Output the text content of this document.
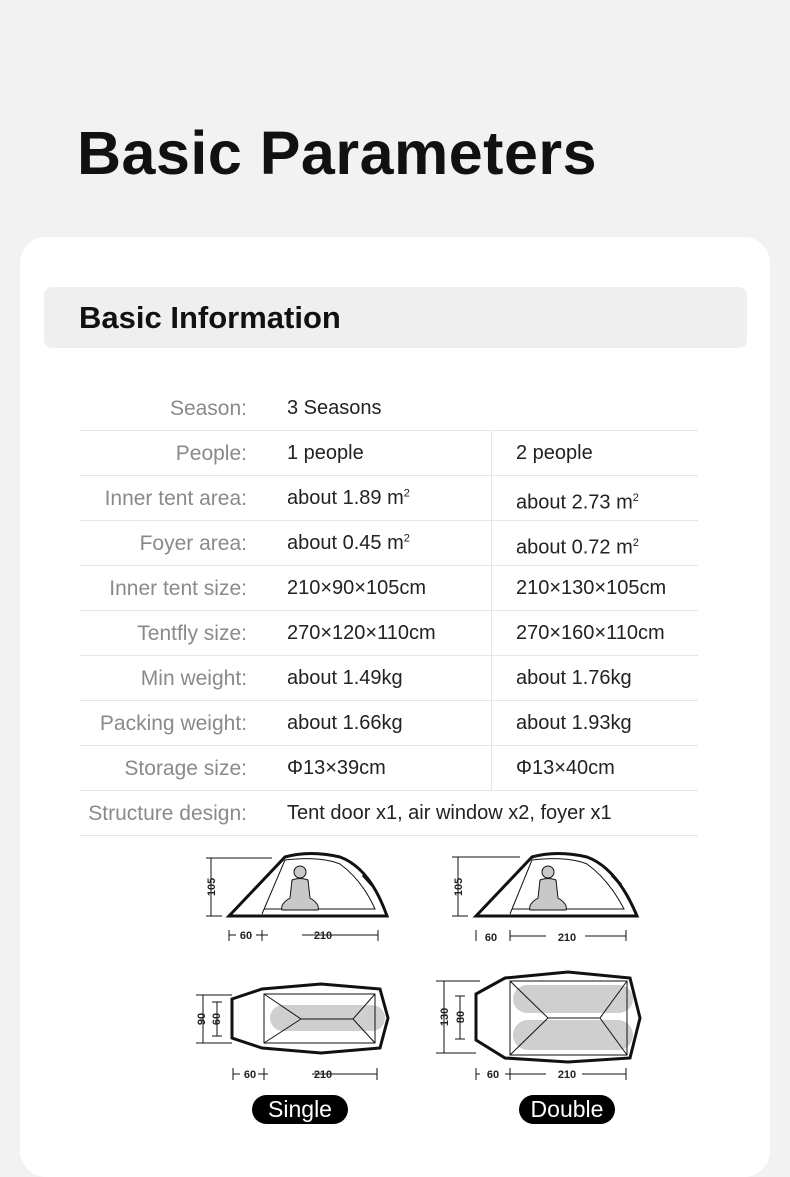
Basic Parameters
Basic Information
Season: 3 Seasons
People: 1 people	2 people
Inner tent area: about 1.89 $m^2$	about 2.73 $m^2$
Foyer area: about 0.45 $m^2$	about 0.72 $m^2$
Inner tent size: 210×90×105cm	210×130×105cm
Tentfly size: 270×120×110cm	270×160×110cm
Min weight: about 1.49kg	about 1.76kg
Packing weight: about 1.66kg	about 1.93kg
Storage size: Φ13×39cm	Φ13×40cm
Structure design: Tent door x1, air window x2, foyer x1
105
60	210
105
60	210
90 60
60	210
130 80
60	210
Single	Double
